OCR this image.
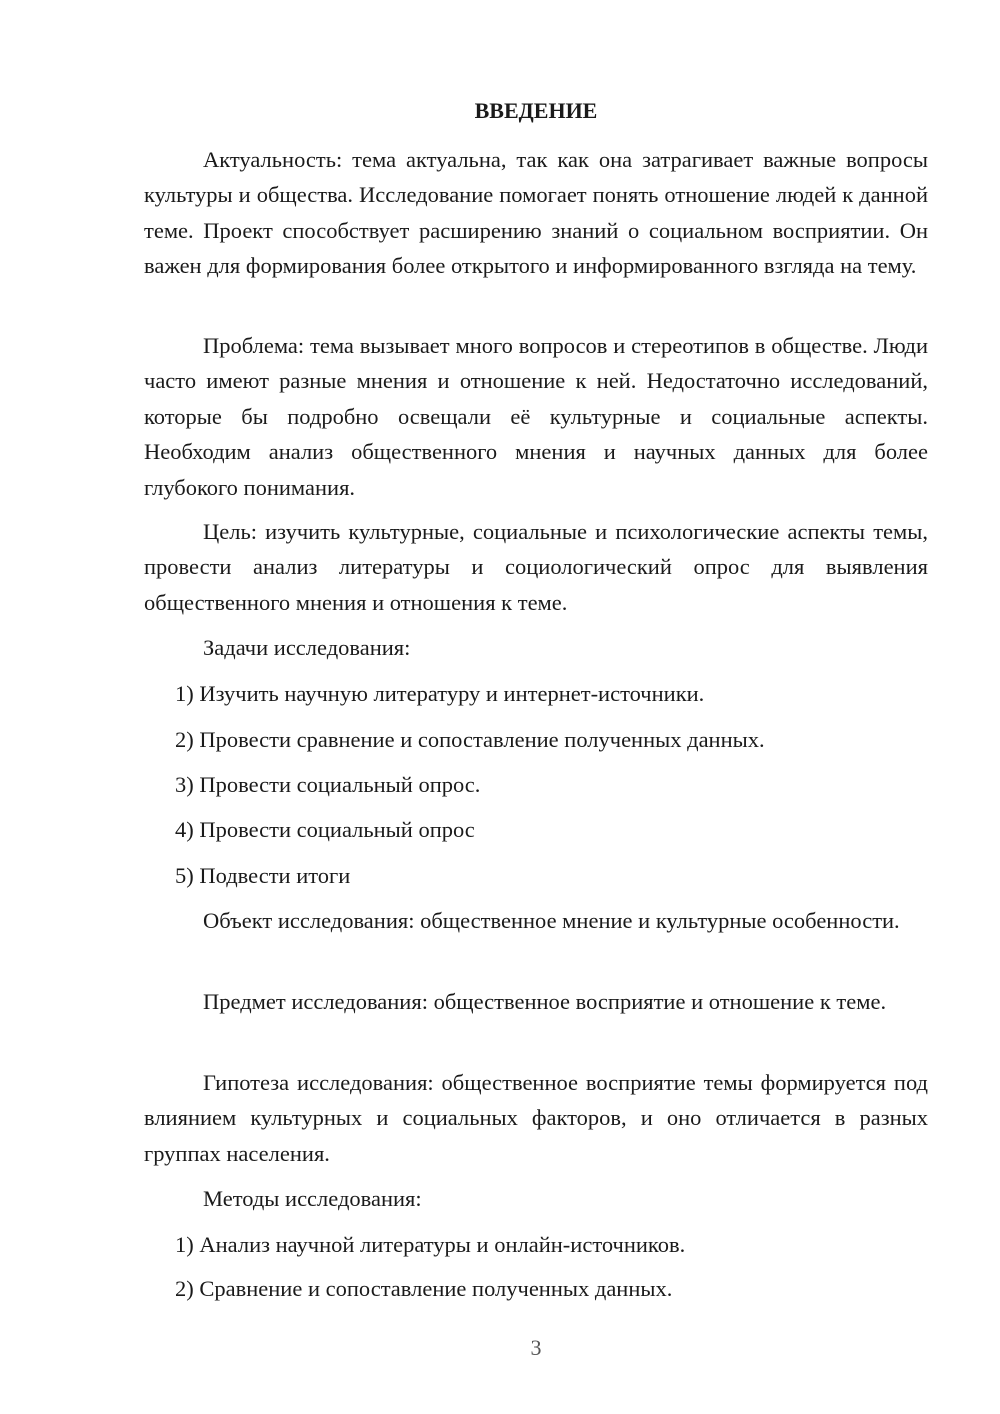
ВВЕДЕНИЕ

Актуальность: тема актуальна, так как она затрагивает важные вопросы культуры и общества. Исследование помогает понять отношение людей к данной теме. Проект способствует расширению знаний о социальном восприятии. Он важен для формирования более открытого и информированного взгляда на тему.

Проблема: тема вызывает много вопросов и стереотипов в обществе. Люди часто имеют разные мнения и отношение к ней. Недостаточно исследований, которые бы подробно освещали её культурные и социальные аспекты. Необходим анализ общественного мнения и научных данных для более глубокого понимания.

Цель: изучить культурные, социальные и психологические аспекты темы, провести анализ литературы и социологический опрос для выявления общественного мнения и отношения к теме.

Задачи исследования:

1) Изучить научную литературу и интернет-источники.

2) Провести сравнение и сопоставление полученных данных.

3) Провести социальный опрос.

4) Провести социальный опрос

5) Подвести итоги

Объект исследования: общественное мнение и культурные особенности.

Предмет исследования: общественное восприятие и отношение к теме.

Гипотеза исследования: общественное восприятие темы формируется под влиянием культурных и социальных факторов, и оно отличается в разных группах населения.

Методы исследования:

1) Анализ научной литературы и онлайн-источников.

2) Сравнение и сопоставление полученных данных.

3
